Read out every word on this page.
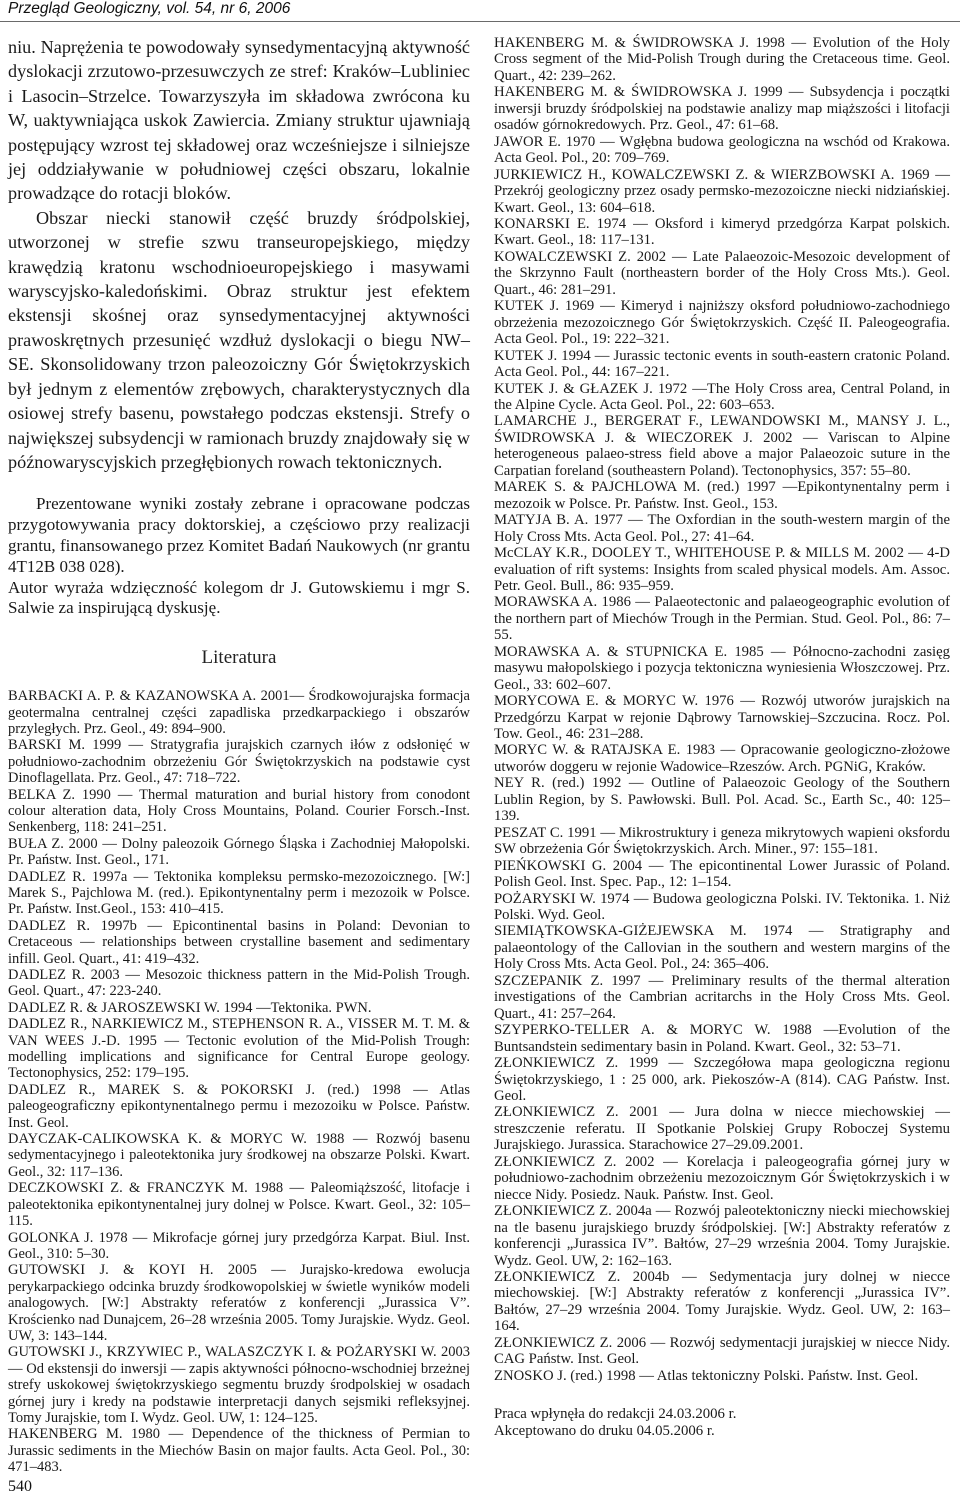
Przegląd Geologiczny, vol. 54, nr 6, 2006

niu. Naprężenia te powodowały synsedymentacyjną aktywność dyslokacji zrzutowo-przesuwczych ze stref: Kraków–Lubliniec i Lasocin–Strzelce. Towarzyszyła im składowa zwrócona ku W, uaktywniająca uskok Zawiercia. Zmiany struktur ujawniają postępujący wzrost tej składowej oraz wcześniejsze i silniejsze jej oddziaływanie w południowej części obszaru, lokalnie prowadzące do rotacji bloków.

Obszar niecki stanowił część bruzdy śródpolskiej, utworzonej w strefie szwu transeuropejskiego, między krawędzią kratonu wschodnioeuropejskiego i masywami waryscyjsko-kaledońskimi. Obraz struktur jest efektem ekstensji skośnej oraz synsedymentacyjnej aktywności prawoskrętnych przesunięć wzdłuż dyslokacji o biegu NW–SE. Skonsolidowany trzon paleozoiczny Gór Świętokrzyskich był jednym z elementów zrębowych, charakterystycznych dla osiowej strefy basenu, powstałego podczas ekstensji. Strefy o największej subsydencji w ramionach bruzdy znajdowały się w późnowaryscyjskich przegłębionych rowach tektonicznych.

Prezentowane wyniki zostały zebrane i opracowane podczas przygotowywania pracy doktorskiej, a częściowo przy realizacji grantu, finansowanego przez Komitet Badań Naukowych (nr grantu 4T12B 038 028).

Autor wyraża wdzięczność kolegom dr J. Gutowskiemu i mgr S. Salwie za inspirującą dyskusję.

Literatura
BARBACKI A. P. & KAZANOWSKA A. 2001— Środkowojurajska formacja geotermalna centralnej części zapadliska przedkarpackiego i obszarów przyległych. Prz. Geol., 49: 894–900.
BARSKI M. 1999 — Stratygrafia jurajskich czarnych iłów z odsłonięć w południowo-zachodnim obrzeżeniu Gór Świętokrzyskich na podstawie cyst Dinoflagellata. Prz. Geol., 47: 718–722.
BELKA Z. 1990 — Thermal maturation and burial history from conodont colour alteration data, Holy Cross Mountains, Poland. Courier Forsch.-Inst. Senkenberg, 118: 241–251.
BUŁA Z. 2000 — Dolny paleozoik Górnego Śląska i Zachodniej Małopolski. Pr. Państw. Inst. Geol., 171.
DADLEZ R. 1997a — Tektonika kompleksu permsko-mezozoicznego. [W:] Marek S., Pajchlowa M. (red.). Epikontynentalny perm i mezozoik w Polsce. Pr. Państw. Inst.Geol., 153: 410–415.
DADLEZ R. 1997b — Epicontinental basins in Poland: Devonian to Cretaceous — relationships between crystalline basement and sedimentary infill. Geol. Quart., 41: 419–432.
DADLEZ R. 2003 — Mesozoic thickness pattern in the Mid-Polish Trough. Geol. Quart., 47: 223-240.
DADLEZ R. & JAROSZEWSKI W. 1994 —Tektonika. PWN.
DADLEZ R., NARKIEWICZ M., STEPHENSON R. A., VISSER M. T. M. & VAN WEES J.-D. 1995 — Tectonic evolution of the Mid-Polish Trough: modelling implications and significance for Central Europe geology. Tectonophysics, 252: 179–195.
DADLEZ R., MAREK S. & POKORSKI J. (red.) 1998 — Atlas paleogeograficzny epikontynentalnego permu i mezozoiku w Polsce. Państw. Inst. Geol.
DAYCZAK-CALIKOWSKA K. & MORYC W. 1988 — Rozwój basenu sedymentacyjnego i paleotektonika jury środkowej na obszarze Polski. Kwart. Geol., 32: 117–136.
DECZKOWSKI Z. & FRANCZYK M. 1988 — Paleomiąższość, litofacje i paleotektonika epikontynentalnej jury dolnej w Polsce. Kwart. Geol., 32: 105–115.
GOLONKA J. 1978 — Mikrofacje górnej jury przedgórza Karpat. Biul. Inst. Geol., 310: 5–30.
GUTOWSKI J. & KOYI H. 2005 — Jurajsko-kredowa ewolucja perykarpackiego odcinka bruzdy środkowopolskiej w świetle wyników modeli analogowych. [W:] Abstrakty referatów z konferencji „Jurassica V”. Krościenko nad Dunajcem, 26–28 września 2005. Tomy Jurajskie. Wydz. Geol. UW, 3: 143–144.
GUTOWSKI J., KRZYWIEC P., WALASZCZYK I. & POŻARYSKI W. 2003 — Od ekstensji do inwersji — zapis aktywności północno-wschodniej brzeżnej strefy uskokowej świętokrzyskiego segmentu bruzdy środpolskiej w osadach górnej jury i kredy na podstawie interpretacji danych sejsmiki refleksyjnej. Tomy Jurajskie, tom I. Wydz. Geol. UW, 1: 124–125.
HAKENBERG M. 1980 — Dependence of the thickness of Permian to Jurassic sediments in the Miechów Basin on major faults. Acta Geol. Pol., 30: 471–483.
HAKENBERG M. & ŚWIDROWSKA J. 1998 — Evolution of the Holy Cross segment of the Mid-Polish Trough during the Cretaceous time. Geol. Quart., 42: 239–262.
HAKENBERG M. & ŚWIDROWSKA J. 1999 — Subsydencja i początki inwersji bruzdy śródpolskiej na podstawie analizy map miąższości i litofacji osadów górnokredowych. Prz. Geol., 47: 61–68.
JAWOR E. 1970 — Wgłębna budowa geologiczna na wschód od Krakowa. Acta Geol. Pol., 20: 709–769.
JURKIEWICZ H., KOWALCZEWSKI Z. & WIERZBOWSKI A. 1969 — Przekrój geologiczny przez osady permsko-mezozoiczne niecki nidziańskiej. Kwart. Geol., 13: 604–618.
KONARSKI E. 1974 — Oksford i kimeryd przedgórza Karpat polskich. Kwart. Geol., 18: 117–131.
KOWALCZEWSKI Z. 2002 — Late Palaeozoic-Mesozoic development of the Skrzynno Fault (northeastern border of the Holy Cross Mts.). Geol. Quart., 46: 281–291.
KUTEK J. 1969 — Kimeryd i najniższy oksford południowo-zachodniego obrzeżenia mezozoicznego Gór Świętokrzyskich. Część II. Paleogeografia. Acta Geol. Pol., 19: 222–321.
KUTEK J. 1994 — Jurassic tectonic events in south-eastern cratonic Poland. Acta Geol. Pol., 44: 167–221.
KUTEK J. & GŁAZEK J. 1972 —The Holy Cross area, Central Poland, in the Alpine Cycle. Acta Geol. Pol., 22: 603–653.
LAMARCHE J., BERGERAT F., LEWANDOWSKI M., MANSY J. L., ŚWIDROWSKA J. & WIECZOREK J. 2002 — Variscan to Alpine heterogeneous palaeo-stress field above a major Palaeozoic suture in the Carpatian foreland (southeastern Poland). Tectonophysics, 357: 55–80.
MAREK S. & PAJCHLOWA M. (red.) 1997 —Epikontynentalny perm i mezozoik w Polsce. Pr. Państw. Inst. Geol., 153.
MATYJA B. A. 1977 — The Oxfordian in the south-western margin of the Holy Cross Mts. Acta Geol. Pol., 27: 41–64.
McCLAY K.R., DOOLEY T., WHITEHOUSE P. & MILLS M. 2002 — 4-D evaluation of rift systems: Insights from scaled physical models. Am. Assoc. Petr. Geol. Bull., 86: 935–959.
MORAWSKA A. 1986 — Palaeotectonic and palaeogeographic evolution of the northern part of Miechów Trough in the Permian. Stud. Geol. Pol., 86: 7–55.
MORAWSKA A. & STUPNICKA E. 1985 — Północno-zachodni zasięg masywu małopolskiego i pozycja tektoniczna wyniesienia Włoszczowej. Prz. Geol., 33: 602–607.
MORYCOWA E. & MORYC W. 1976 — Rozwój utworów jurajskich na Przedgórzu Karpat w rejonie Dąbrowy Tarnowskiej–Szczucina. Rocz. Pol. Tow. Geol., 46: 231–288.
MORYC W. & RATAJSKA E. 1983 — Opracowanie geologiczno-złożowe utworów doggeru w rejonie Wadowice–Rzeszów. Arch. PGNiG, Kraków.
NEY R. (red.) 1992 — Outline of Palaeozoic Geology of the Southern Lublin Region, by S. Pawłowski. Bull. Pol. Acad. Sc., Earth Sc., 40: 125–139.
PESZAT C. 1991 — Mikrostruktury i geneza mikrytowych wapieni oksfordu SW obrzeżenia Gór Świętokrzyskich. Arch. Miner., 97: 155–181.
PIEŃKOWSKI G. 2004 — The epicontinental Lower Jurassic of Poland. Polish Geol. Inst. Spec. Pap., 12: 1–154.
POŻARYSKI W. 1974 — Budowa geologiczna Polski. IV. Tektonika. 1. Niż Polski. Wyd. Geol.
SIEMIĄTKOWSKA-GIŻEJEWSKA M. 1974 — Stratigraphy and palaeontology of the Callovian in the southern and western margins of the Holy Cross Mts. Acta Geol. Pol., 24: 365–406.
SZCZEPANIK Z. 1997 — Preliminary results of the thermal alteration investigations of the Cambrian acritarchs in the Holy Cross Mts. Geol. Quart., 41: 257–264.
SZYPERKO-TELLER A. & MORYC W. 1988 —Evolution of the Buntsandstein sedimentary basin in Poland. Kwart. Geol., 32: 53–71.
ZŁONKIEWICZ Z. 1999 — Szczegółowa mapa geologiczna regionu Świętokrzyskiego, 1 : 25 000, ark. Piekoszów-A (814). CAG Państw. Inst. Geol.
ZŁONKIEWICZ Z. 2001 — Jura dolna w niecce miechowskiej — streszczenie referatu. II Spotkanie Polskiej Grupy Roboczej Systemu Jurajskiego. Jurassica. Starachowice 27–29.09.2001.
ZŁONKIEWICZ Z. 2002 — Korelacja i paleogeografia górnej jury w południowo-zachodnim obrzeżeniu mezozoicznym Gór Świętokrzyskich i w niecce Nidy. Posiedz. Nauk. Państw. Inst. Geol.
ZŁONKIEWICZ Z. 2004a — Rozwój paleotektoniczny niecki miechowskiej na tle basenu jurajskiego bruzdy śródpolskiej. [W:] Abstrakty referatów z konferencji „Jurassica IV”. Bałtów, 27–29 września 2004. Tomy Jurajskie. Wydz. Geol. UW, 2: 162–163.
ZŁONKIEWICZ Z. 2004b — Sedymentacja jury dolnej w niecce miechowskiej. [W:] Abstrakty referatów z konferencji „Jurassica IV”. Bałtów, 27–29 września 2004. Tomy Jurajskie. Wydz. Geol. UW, 2: 163–164.
ZŁONKIEWICZ Z. 2006 — Rozwój sedymentacji jurajskiej w niecce Nidy. CAG Państw. Inst. Geol.
ZNOSKO J. (red.) 1998 — Atlas tektoniczny Polski. Państw. Inst. Geol.
Praca wpłynęła do redakcji 24.03.2006 r.
Akceptowano do druku 04.05.2006 r.
540
